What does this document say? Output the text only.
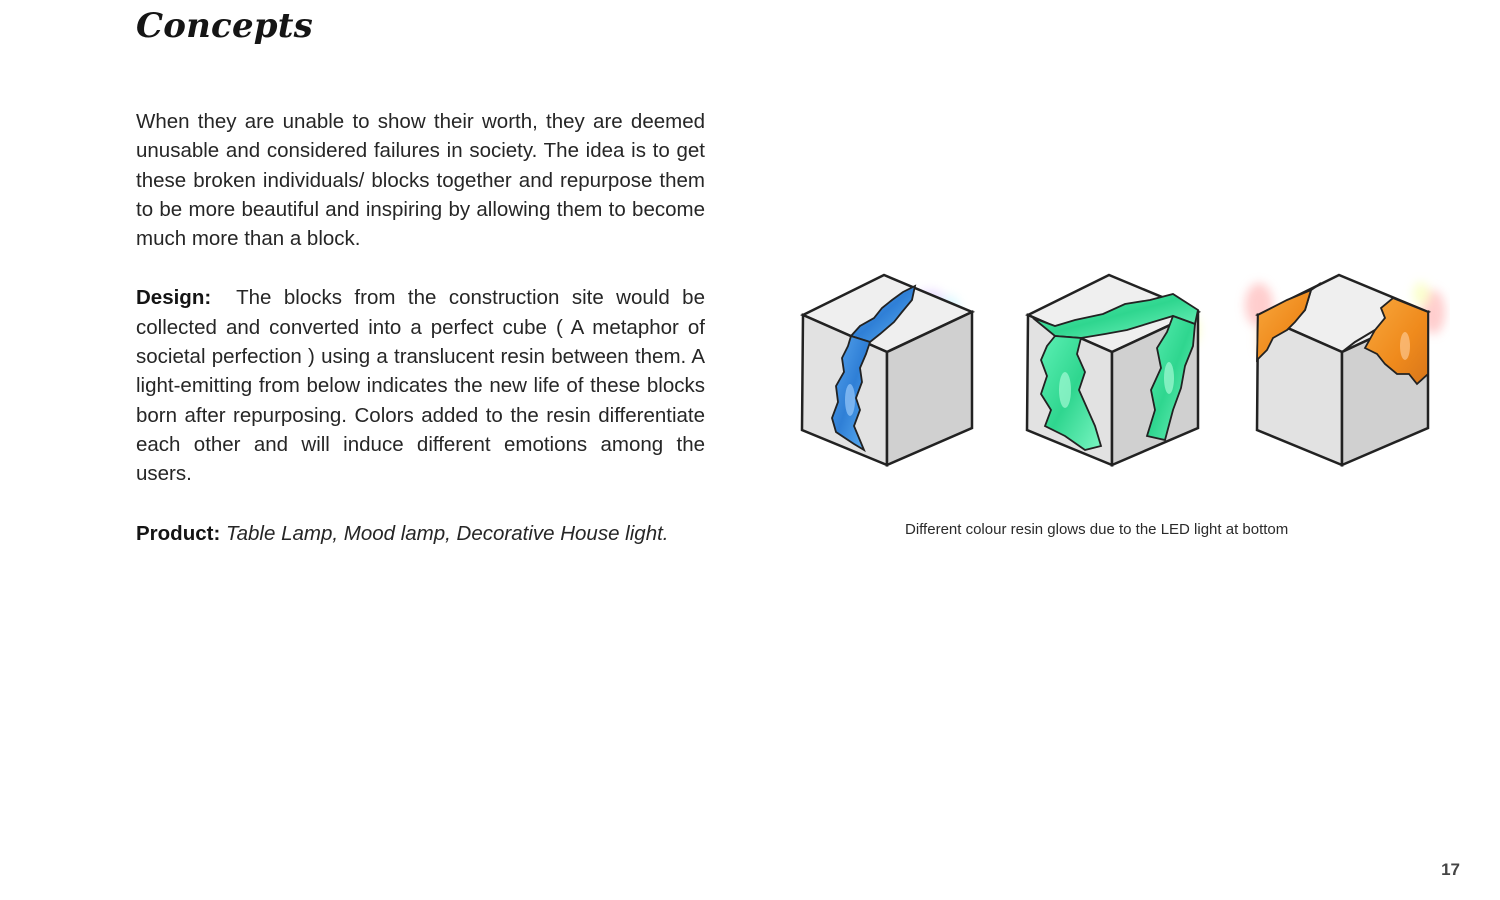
Concepts

When they are unable to show their worth, they are deemed unusable and considered failures in society. The idea is to get these broken individuals/ blocks together and repurpose them to be more beautiful and inspiring by allowing them to become much more than a block.

Design: The blocks from the construction site would be collected and converted into a perfect cube ( A metaphor of societal perfection ) using a translucent resin between them. A light-emitting from below indicates the new life of these blocks born after repurposing. Colors added to the resin differentiate each other and will induce different emotions among the users.

Product: Table Lamp, Mood lamp, Decorative House light.	Different colour resin glows due to the LED light at bottom
17
